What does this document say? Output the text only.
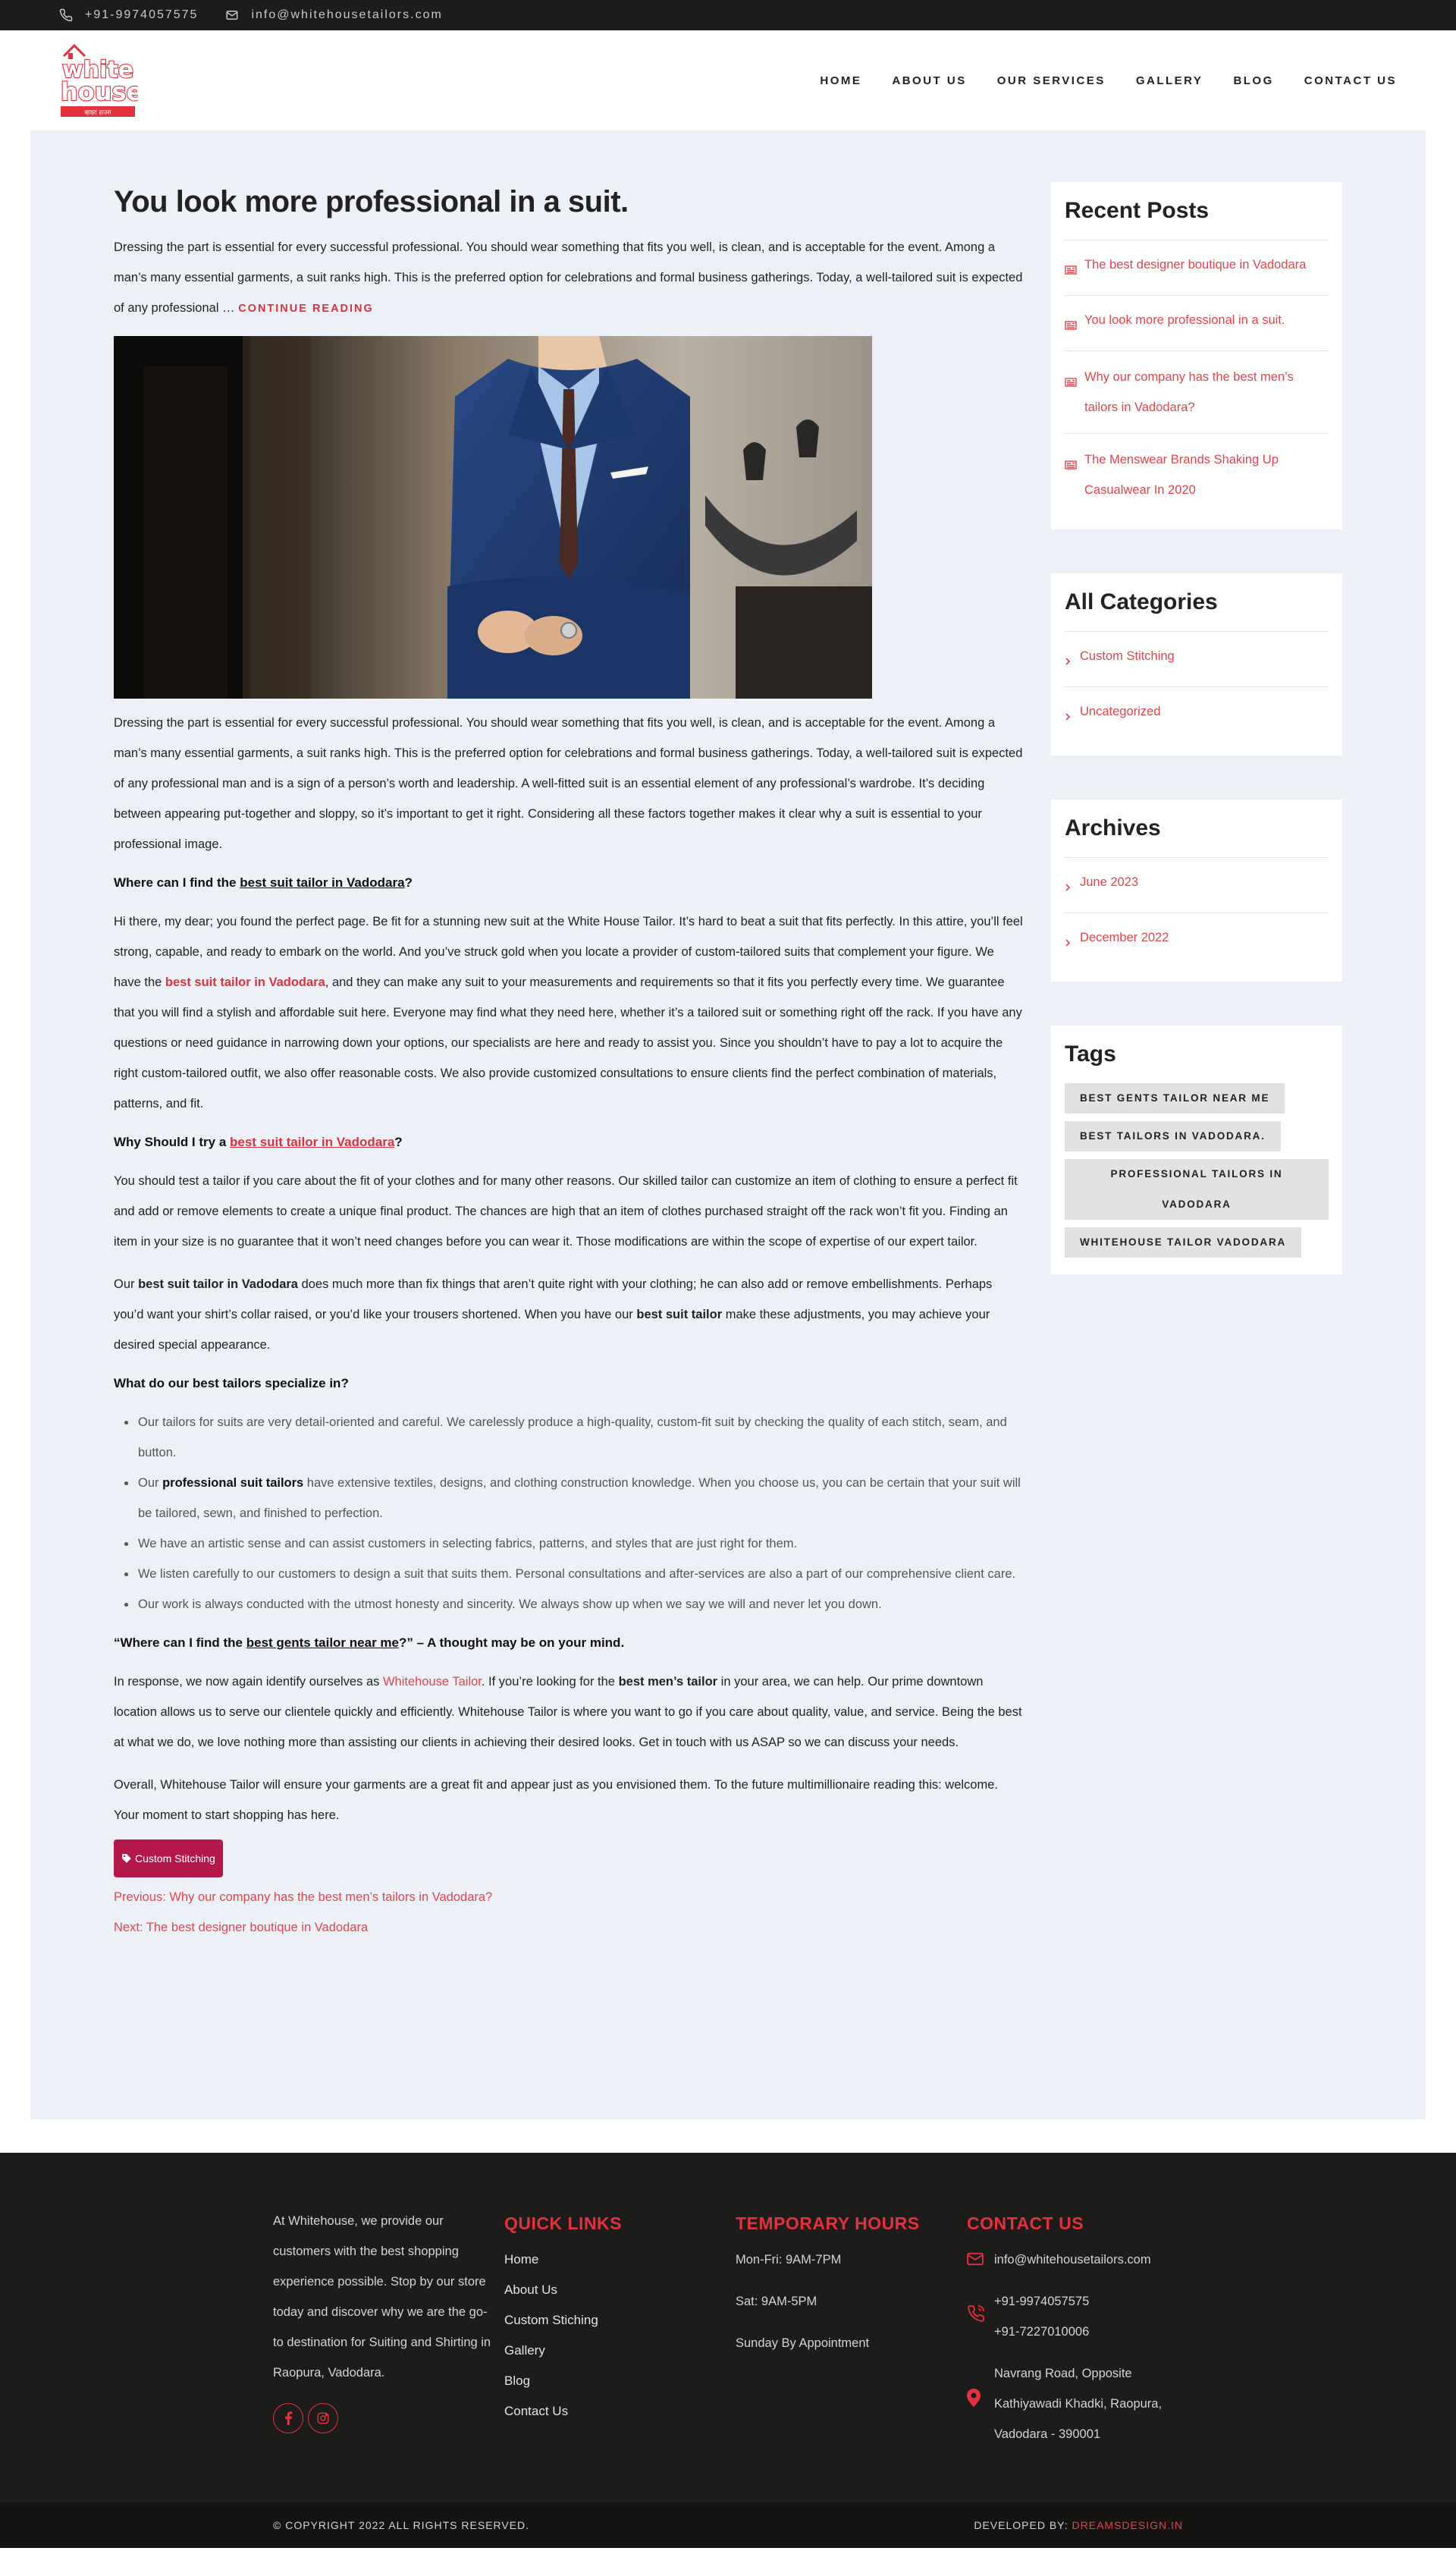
+91-9974057575	info@whitehousetailors.com
white
house
व्हाइट हाउस
HOME	ABOUT US	OUR SERVICES	GALLERY	BLOG	CONTACT US
You look more professional in a suit.

Dressing the part is essential for every successful professional. You should wear something that fits you well, is clean, and is acceptable for the event. Among a man’s many essential garments, a suit ranks high. This is the preferred option for celebrations and formal business gatherings. Today, a well-tailored suit is expected of any professional … CONTINUE READING

Dressing the part is essential for every successful professional. You should wear something that fits you well, is clean, and is acceptable for the event. Among a man’s many essential garments, a suit ranks high. This is the preferred option for celebrations and formal business gatherings. Today, a well-tailored suit is expected of any professional man and is a sign of a person’s worth and leadership. A well-fitted suit is an essential element of any professional’s wardrobe. It’s deciding between appearing put-together and sloppy, so it’s important to get it right. Considering all these factors together makes it clear why a suit is essential to your professional image.

Where can I find the best suit tailor in Vadodara?

Hi there, my dear; you found the perfect page. Be fit for a stunning new suit at the White House Tailor. It’s hard to beat a suit that fits perfectly. In this attire, you’ll feel strong, capable, and ready to embark on the world. And you’ve struck gold when you locate a provider of custom-tailored suits that complement your figure. We have the best suit tailor in Vadodara, and they can make any suit to your measurements and requirements so that it fits you perfectly every time. We guarantee that you will find a stylish and affordable suit here. Everyone may find what they need here, whether it’s a tailored suit or something right off the rack. If you have any questions or need guidance in narrowing down your options, our specialists are here and ready to assist you. Since you shouldn’t have to pay a lot to acquire the right custom-tailored outfit, we also offer reasonable costs. We also provide customized consultations to ensure clients find the perfect combination of materials, patterns, and fit.

Why Should I try a best suit tailor in Vadodara?

You should test a tailor if you care about the fit of your clothes and for many other reasons. Our skilled tailor can customize an item of clothing to ensure a perfect fit and add or remove elements to create a unique final product. The chances are high that an item of clothes purchased straight off the rack won’t fit you. Finding an item in your size is no guarantee that it won’t need changes before you can wear it. Those modifications are within the scope of expertise of our expert tailor.

Our best suit tailor in Vadodara does much more than fix things that aren’t quite right with your clothing; he can also add or remove embellishments. Perhaps you’d want your shirt’s collar raised, or you’d like your trousers shortened. When you have our best suit tailor make these adjustments, you may achieve your desired special appearance.

What do our best tailors specialize in?

• Our tailors for suits are very detail-oriented and careful. We carelessly produce a high-quality, custom-fit suit by checking the quality of each stitch, seam, and button.
• Our professional suit tailors have extensive textiles, designs, and clothing construction knowledge. When you choose us, you can be certain that your suit will be tailored, sewn, and finished to perfection.
• We have an artistic sense and can assist customers in selecting fabrics, patterns, and styles that are just right for them.
• We listen carefully to our customers to design a suit that suits them. Personal consultations and after-services are also a part of our comprehensive client care.
• Our work is always conducted with the utmost honesty and sincerity. We always show up when we say we will and never let you down.

“Where can I find the best gents tailor near me?” – A thought may be on your mind.

In response, we now again identify ourselves as Whitehouse Tailor. If you’re looking for the best men’s tailor in your area, we can help. Our prime downtown location allows us to serve our clientele quickly and efficiently. Whitehouse Tailor is where you want to go if you care about quality, value, and service. Being the best at what we do, we love nothing more than assisting our clients in achieving their desired looks. Get in touch with us ASAP so we can discuss your needs.

Overall, Whitehouse Tailor will ensure your garments are a great fit and appear just as you envisioned them. To the future multimillionaire reading this: welcome. Your moment to start shopping has here.

Custom Stitching
Previous: Why our company has the best men’s tailors in Vadodara?
Next: The best designer boutique in Vadodara
Recent Posts
The best designer boutique in Vadodara
You look more professional in a suit.
Why our company has the best men’s tailors in Vadodara?
The Menswear Brands Shaking Up Casualwear In 2020
All Categories
Custom Stitching
Uncategorized
Archives
June 2023
December 2022
Tags
BEST GENTS TAILOR NEAR ME BEST TAILORS IN VADODARA.
PROFESSIONAL TAILORS IN VADODARA
WHITEHOUSE TAILOR VADODARA

At Whitehouse, we provide our customers with the best shopping experience possible. Stop by our store today and discover why we are the go-to destination for Suiting and Shirting in Raopura, Vadodara.

QUICK LINKS
Home
About Us
Custom Stiching
Gallery
Blog
Contact Us
TEMPORARY HOURS

Mon-Fri: 9AM-7PM

Sat: 9AM-5PM

Sunday By Appointment

CONTACT US
info@whitehousetailors.com

+91-9974057575

+91-7227010006

Navrang Road, Opposite Kathiyawadi Khadki, Raopura, Vadodara - 390001

© COPYRIGHT 2022 ALL RIGHTS RESERVED.	DEVELOPED BY: DREAMSDESIGN.IN
